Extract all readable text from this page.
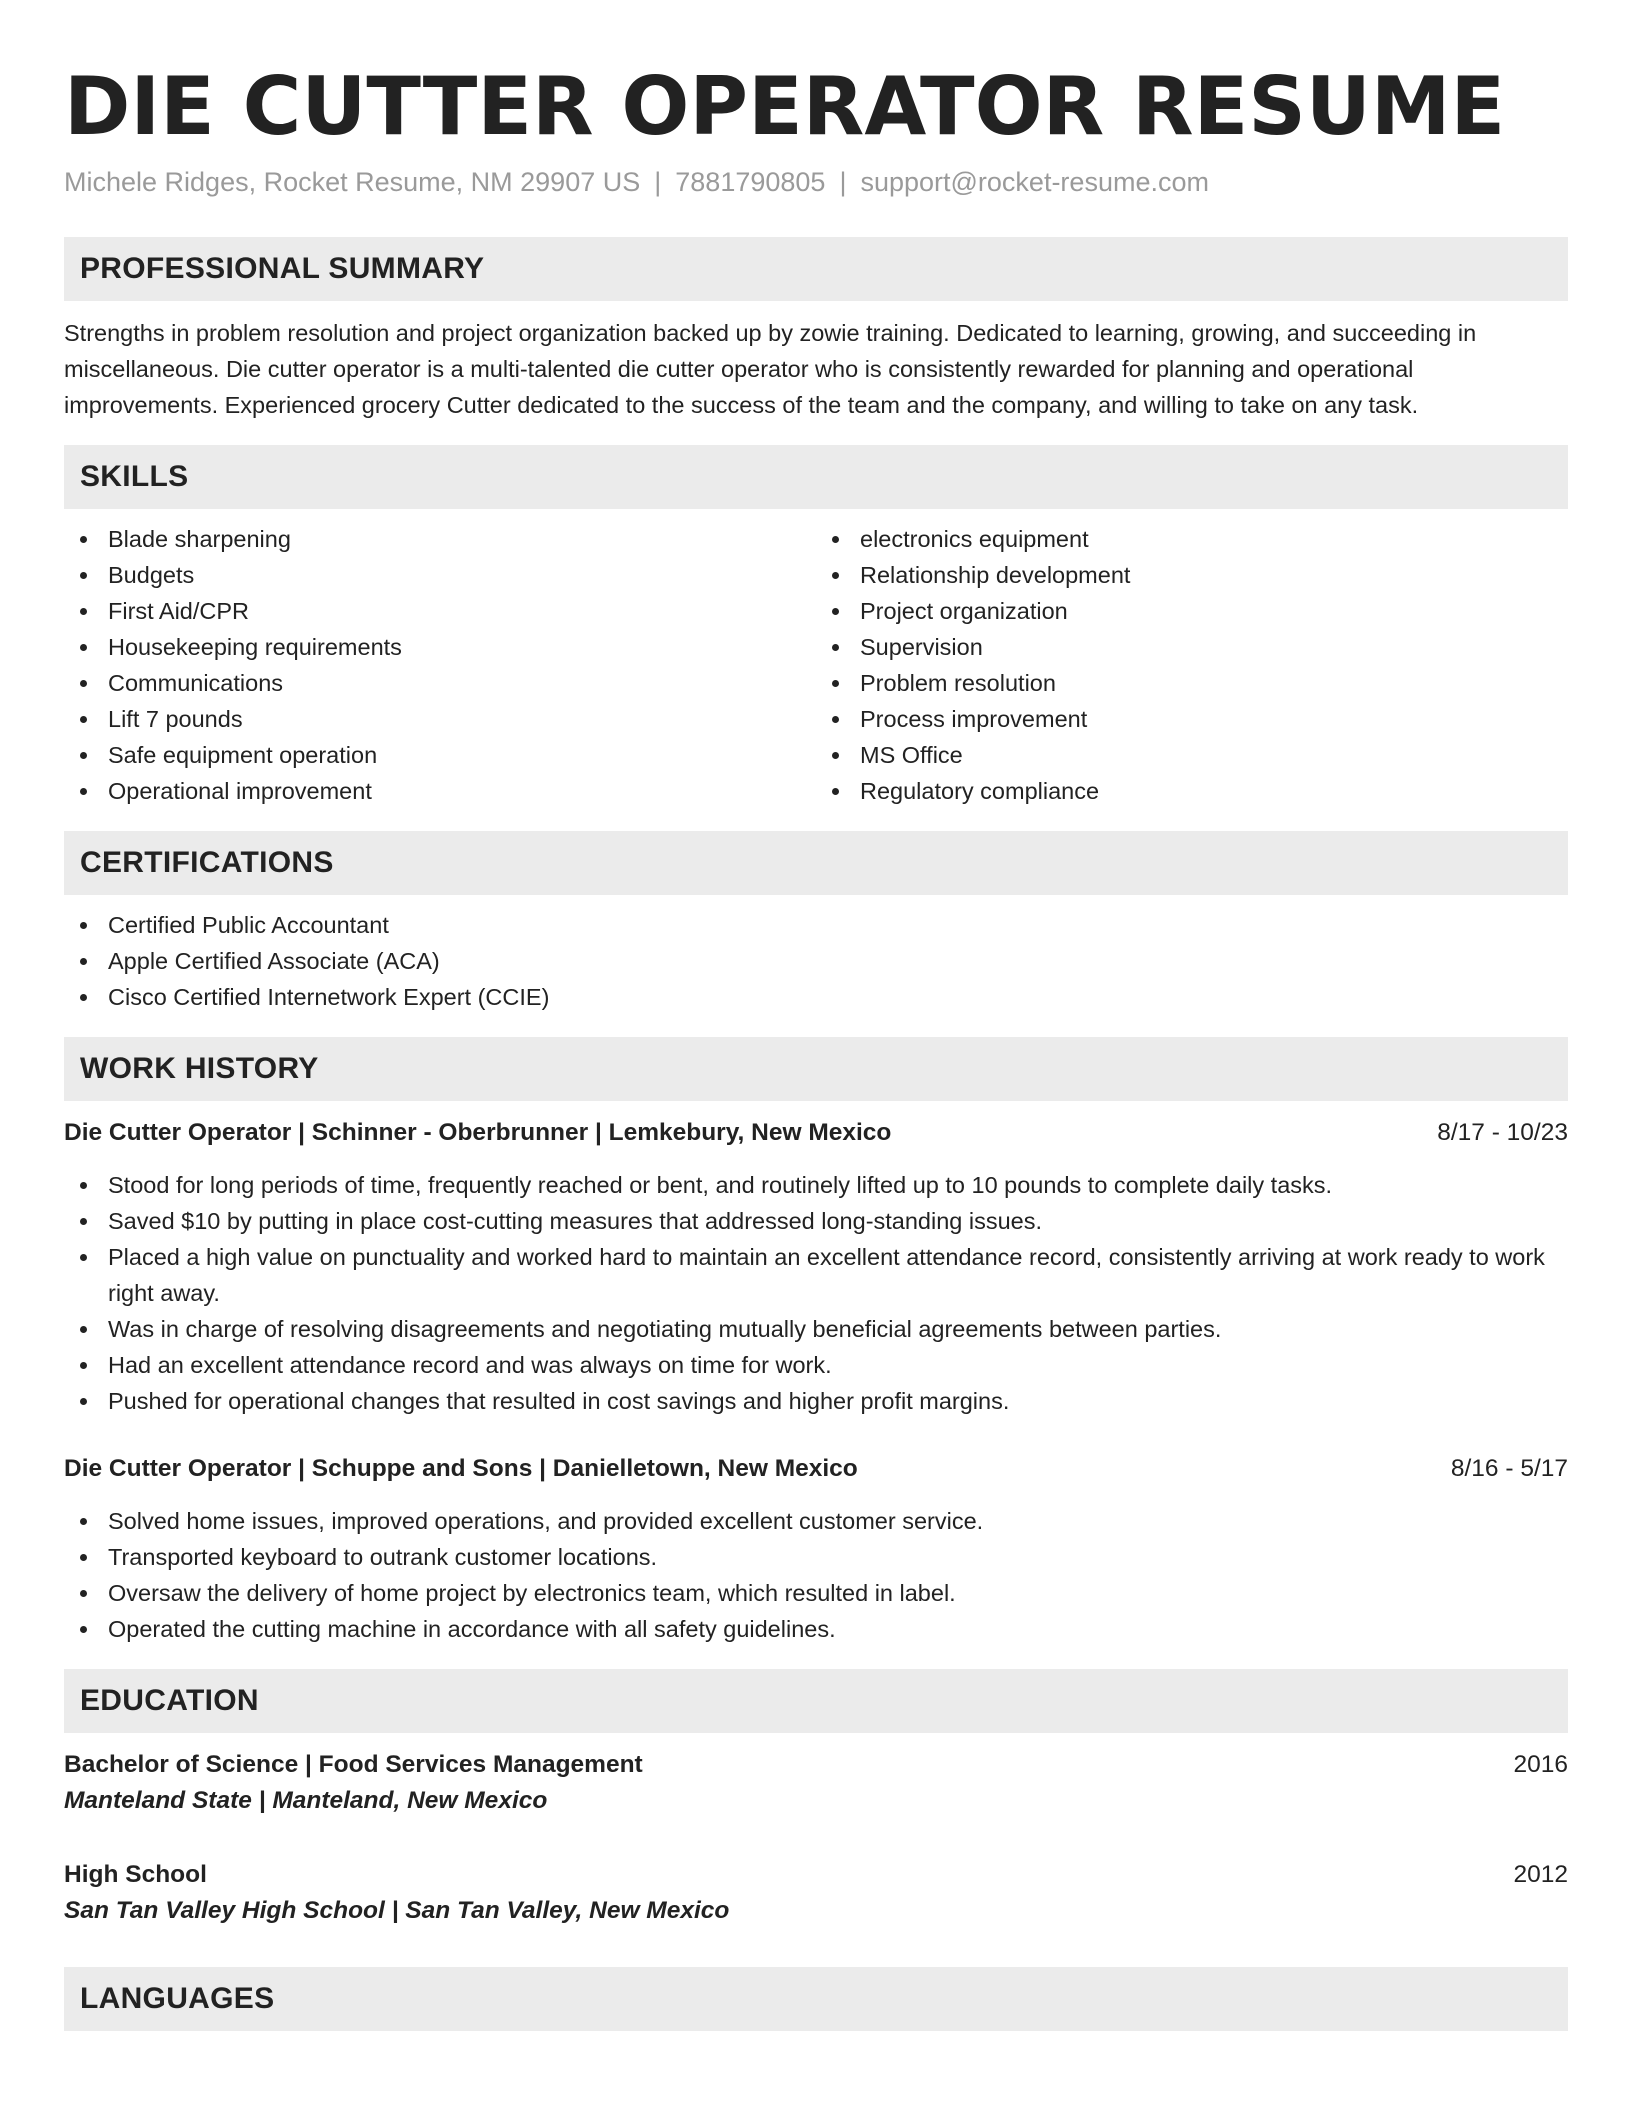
DIE CUTTER OPERATOR RESUME
Michele Ridges, Rocket Resume, NM 29907 US | 7881790805 | support@rocket-resume.com
PROFESSIONAL SUMMARY

Strengths in problem resolution and project organization backed up by zowie training. Dedicated to learning, growing, and succeeding in miscellaneous. Die cutter operator is a multi-talented die cutter operator who is consistently rewarded for planning and operational improvements. Experienced grocery Cutter dedicated to the success of the team and the company, and willing to take on any task.

SKILLS
Blade sharpening
Budgets
First Aid/CPR
Housekeeping requirements
Communications
Lift 7 pounds
Safe equipment operation
Operational improvement
electronics equipment
Relationship development
Project organization
Supervision
Problem resolution
Process improvement
MS Office
Regulatory compliance
CERTIFICATIONS
Certified Public Accountant
Apple Certified Associate (ACA)
Cisco Certified Internetwork Expert (CCIE)
WORK HISTORY
Die Cutter Operator | Schinner - Oberbrunner | Lemkebury, New Mexico	8/17 - 10/23
Stood for long periods of time, frequently reached or bent, and routinely lifted up to 10 pounds to complete daily tasks.
Saved $10 by putting in place cost-cutting measures that addressed long-standing issues.
Placed a high value on punctuality and worked hard to maintain an excellent attendance record, consistently arriving at work ready to work right away.
Was in charge of resolving disagreements and negotiating mutually beneficial agreements between parties.
Had an excellent attendance record and was always on time for work.
Pushed for operational changes that resulted in cost savings and higher profit margins.
Die Cutter Operator | Schuppe and Sons | Danielletown, New Mexico	8/16 - 5/17
Solved home issues, improved operations, and provided excellent customer service.
Transported keyboard to outrank customer locations.
Oversaw the delivery of home project by electronics team, which resulted in label.
Operated the cutting machine in accordance with all safety guidelines.
EDUCATION
Bachelor of Science | Food Services Management	2016
Manteland State | Manteland, New Mexico
High School	2012
San Tan Valley High School | San Tan Valley, New Mexico
LANGUAGES
